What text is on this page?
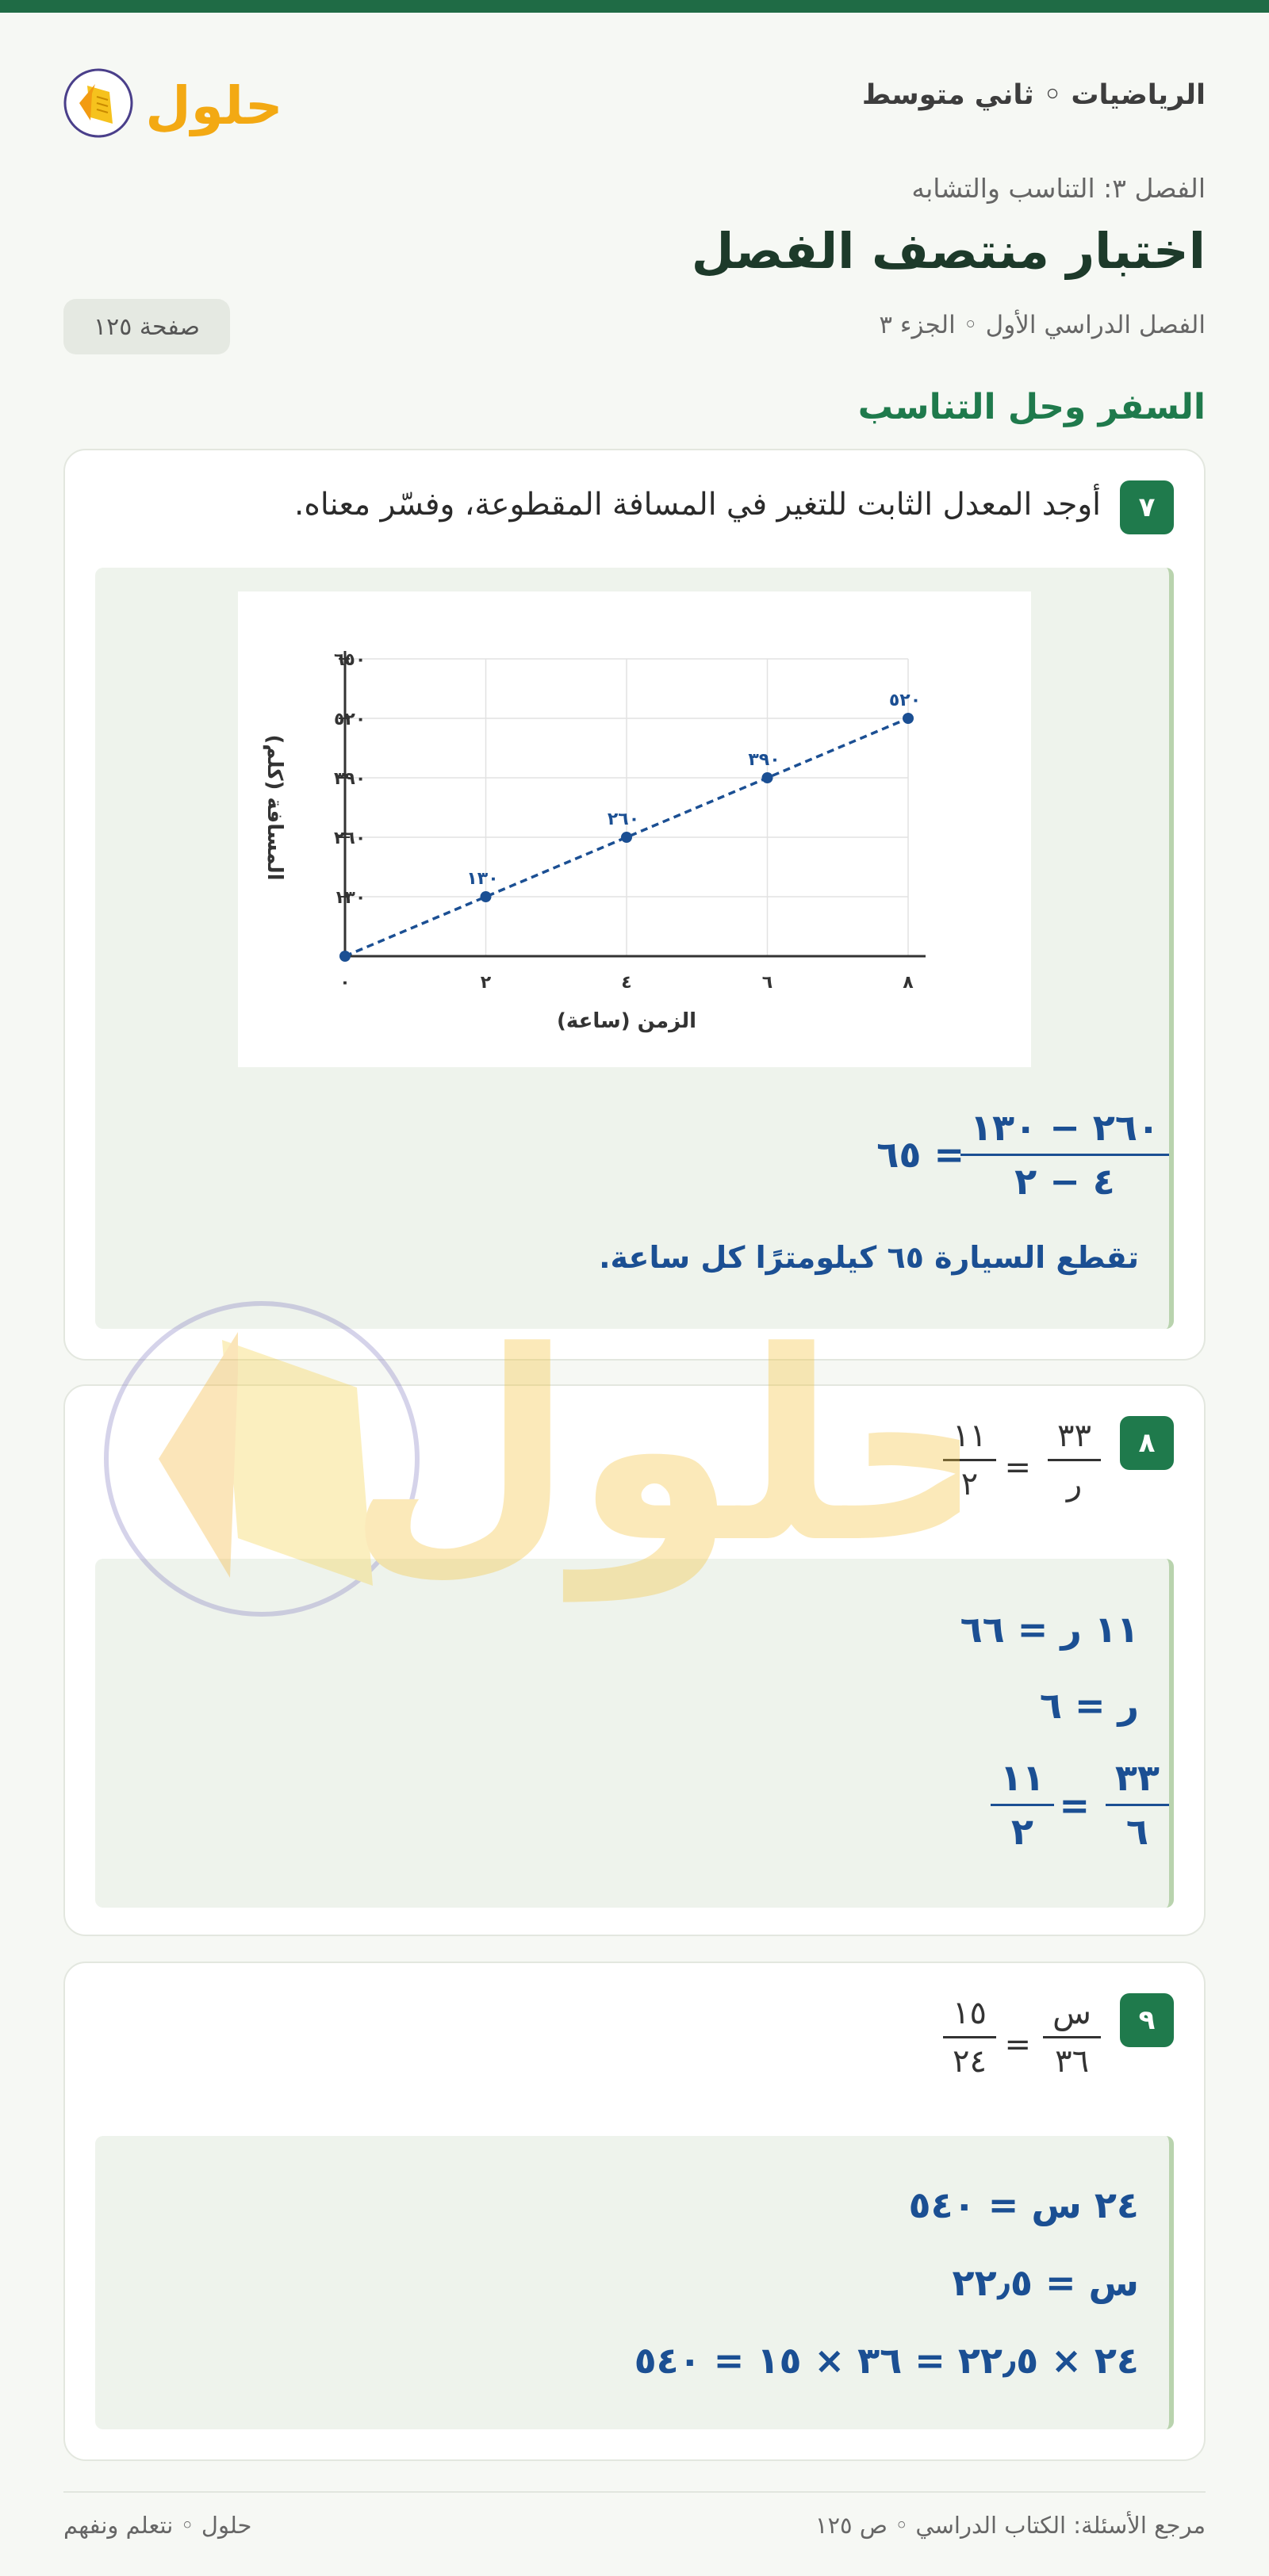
الرياضيات ◦ ثاني متوسط
حلول
الفصل ٣: التناسب والتشابه
اختبار منتصف الفصل
الفصل الدراسي الأول ◦ الجزء ٣
صفحة ١٢٥
السفر وحل التناسب
٧
أوجد المعدل الثابت للتغير في المسافة المقطوعة، وفسّر معناه.
١٣٠
٢٦٠
٣٩٠
٥٢٠
٦٥٠
٠	٢	٤	٦	٨
الزمن (ساعة)
المسافة (كلم)	١٣٠
٢٦٠
٣٩٠
٥٢٠
٢٦٠ − ١٣٠
٤ − ٢
= ٦٥
تقطع السيارة ٦٥ كيلومترًا كل ساعة.
٨
٣٣
ر
=
١١
٢
١١ ر = ٦٦
ر = ٦
٣٣
٦
=
١١
٢
٩
س
٣٦
=
١٥
٢٤
٢٤ س = ٥٤٠
س = ٢٢٫٥
٢٤ × ٢٢٫٥ = ٣٦ × ١٥ = ٥٤٠
حلول
مرجع الأسئلة: الكتاب الدراسي ◦ ص ١٢٥
حلول ◦ نتعلم ونفهم
